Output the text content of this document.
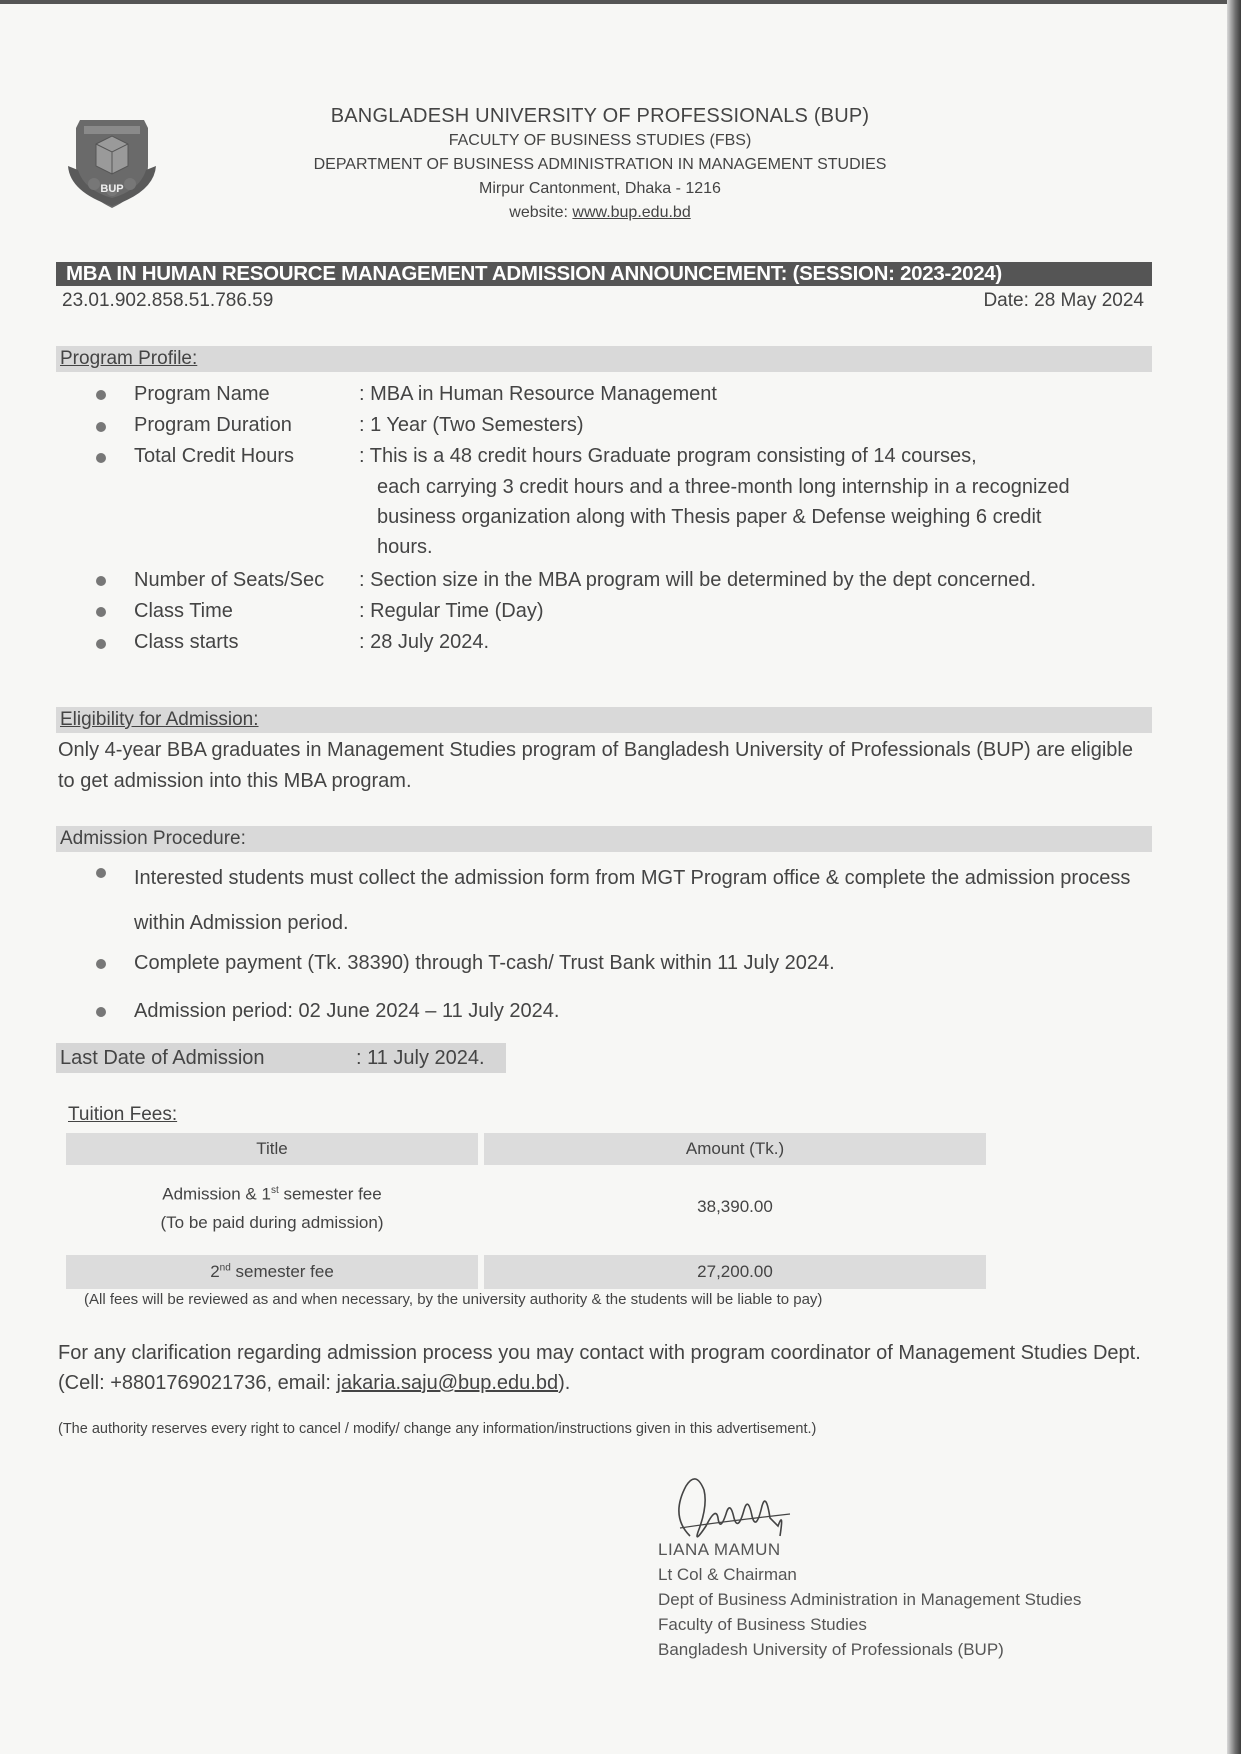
BUP
BANGLADESH UNIVERSITY OF PROFESSIONALS (BUP)
FACULTY OF BUSINESS STUDIES (FBS)
DEPARTMENT OF BUSINESS ADMINISTRATION IN MANAGEMENT STUDIES
Mirpur Cantonment, Dhaka - 1216
website: www.bup.edu.bd
MBA IN HUMAN RESOURCE MANAGEMENT ADMISSION ANNOUNCEMENT: (SESSION: 2023-2024)
23.01.902.858.51.786.59	Date: 28 May 2024
Program Profile:
Program Name	: MBA in Human Resource Management
Program Duration	: 1 Year (Two Semesters)
Total Credit Hours	: This is a 48 credit hours Graduate program consisting of 14 courses,
each carrying 3 credit hours and a three-month long internship in a recognized business organization along with Thesis paper & Defense weighing 6 credit hours.
Number of Seats/Sec	: Section size in the MBA program will be determined by the dept concerned.
Class Time	: Regular Time (Day)
Class starts	: 28 July 2024.
Eligibility for Admission:
Only 4-year BBA graduates in Management Studies program of Bangladesh University of Professionals (BUP) are eligible to get admission into this MBA program.
Admission Procedure:
Interested students must collect the admission form from MGT Program office & complete the admission process within Admission period.
Complete payment (Tk. 38390) through T-cash/ Trust Bank within 11 July 2024.
Admission period: 02 June 2024 – 11 July 2024.
Last Date of Admission	: 11 July 2024.
Tuition Fees:
Title		Amount (Tk.)
Admission & 1st semester fee
(To be paid during admission)		38,390.00

2nd semester fee		27,200.00
(All fees will be reviewed as and when necessary, by the university authority & the students will be liable to pay)
For any clarification regarding admission process you may contact with program coordinator of Management Studies Dept. (Cell: +8801769021736, email: jakaria.saju@bup.edu.bd).
(The authority reserves every right to cancel / modify/ change any information/instructions given in this advertisement.)
LIANA MAMUN
Lt Col & Chairman
Dept of Business Administration in Management Studies
Faculty of Business Studies
Bangladesh University of Professionals (BUP)
